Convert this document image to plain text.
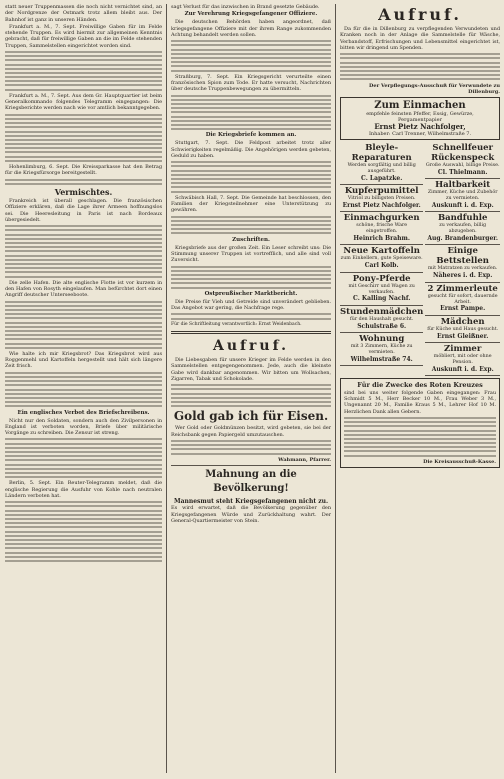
statt neuer Truppenmassen die noch nicht vernichtet sind, an der Nordgrenze der Ostmark trotz allem bleibt aus. Der Bahnhof ist ganz in unseren Händen.

Frankfurt a. M., 7. Sept. Freiwillige Gaben für im Felde stehende Truppen. Es wird hiermit zur allgemeinen Kenntnis gebracht, daß für freiwillige Gaben an die im Felde stehenden Truppen, Sammelstellen eingerichtet worden sind.

Frankfurt a. M., 7. Sept. Aus dem Gr. Hauptquartier ist beim Generalkommando folgendes Telegramm eingegangen: Die Kriegsberichte werden nach wie vor amtlich bekanntgegeben.

Hohenlimburg, 6. Sept. Die Kreissparkasse hat den Betrag für die Kriegsfürsorge bereitgestellt.

Vermischtes.

Frankreich ist überall geschlagen. Die französischen Offiziere erklären, daß die Lage ihrer Armeen hoffnungslos sei. Die Heeresleitung in Paris ist nach Bordeaux übergesiedelt.

Die zelle Hafen. Die alte englische Flotte ist vor kurzem in den Hafen von Rosyth eingelaufen. Man befürchtet dort einen Angriff deutscher Unterseeboote.

Wie halte ich mir Kriegsbrot? Das Kriegsbrot wird aus Roggenmehl und Kartoffeln hergestellt und hält sich längere Zeit frisch.

Ein englisches Verbot des Briefschreibens.

Nicht nur den Soldaten, sondern auch den Zivilpersonen in England ist verboten worden, Briefe über militärische Vorgänge zu schreiben. Die Zensur ist streng.

Berlin, 5. Sept. Ein Reuter-Telegramm meldet, daß die englische Regierung die Ausfuhr von Kohle nach neutralen Ländern verboten hat.

sagt Verlust für das inzwischen in Brand gesetzte Gebäude.

Zur Verehrung Kriegsgefangener Offiziere.

Die deutschen Behörden haben angeordnet, daß kriegsgefangene Offiziere mit der ihrem Range zukommenden Achtung behandelt werden sollen.

Straßburg, 7. Sept. Ein Kriegsgericht verurteilte einen französischen Spion zum Tode. Er hatte versucht, Nachrichten über deutsche Truppenbewegungen zu übermitteln.

Die Kriegsbriefe kommen an.

Stuttgart, 7. Sept. Die Feldpost arbeitet trotz aller Schwierigkeiten regelmäßig. Die Angehörigen werden gebeten, Geduld zu haben.

Schwäbisch Hall, 7. Sept. Die Gemeinde hat beschlossen, den Familien der Kriegsteilnehmer eine Unterstützung zu gewähren.

Zuschriften.

Kriegsbriefe aus der großen Zeit. Ein Leser schreibt uns: Die Stimmung unserer Truppen ist vortrefflich, und alle sind voll Zuversicht.

Ostpreußischer Marktbericht.

Die Preise für Vieh und Getreide sind unverändert geblieben. Das Angebot war gering, die Nachfrage rege.

Für die Schriftleitung verantwortlich: Ernst Weidenbach.

Aufruf.

Die Liebesgaben für unsere Krieger im Felde werden in den Sammelstellen entgegengenommen. Jede, auch die kleinste Gabe wird dankbar angenommen. Wir bitten um Wollsachen, Zigarren, Tabak und Schokolade.

Gold gab ich für Eisen.

Wer Gold oder Goldmünzen besitzt, wird gebeten, sie bei der Reichsbank gegen Papiergeld umzutauschen.

Wahmann, Pfarrer.
Mahnung an die Bevölkerung!
Mannesmut steht Kriegsgefangenen nicht zu.

Es wird erwartet, daß die Bevölkerung gegenüber den Kriegsgefangenen Würde und Zurückhaltung wahrt. Der General-Quartiermeister von Stein.

Aufruf.

Da für die in Dillenburg zu verpflegenden Verwundeten und Kranken noch in der Anlage die Sammelstelle für Wäsche, Verbandstoff, Erfrischungen und Lebensmittel eingerichtet ist, bitten wir dringend um Spenden.

Der Verpflegungs-Ausschuß für Verwundete zu Dillenburg.
Zum Einmachen
empfehle feinsten Pfeffer, Essig, Gewürze, Pergamentpapier
Ernst Pietz Nachfolger,
Inhaber: Carl Trenner, Wilhelmstraße 7.
Bleyle-Reparaturen
Werden sorgfältig und billig ausgeführt.
C. Lapatzke.
Kupferpumittel
Vitriol zu billigsten Preisen.
Ernst Pietz Nachfolger.
Einmachgurken
schöne, frische Ware eingetroffen.
Heinrich Brahm.
Neue Kartoffeln
zum Einkellern, gute Speiseware.
Carl Kolb.
Pony-Pferde
mit Geschirr und Wagen zu verkaufen.
C. Kalling Nachf.
Stundenmädchen
für den Haushalt gesucht.
Schulstraße 6.
Wohnung
mit 3 Zimmern, Küche zu vermieten.
Wilhelmstraße 74.
Schnellfeuer Rückenspeck
Große Auswahl, billige Preise.
Cl. Thielmann.
Haltbarkeit
Zimmer, Küche und Zubehör zu vermieten.
Auskunft i. d. Exp.
Bandfuhle
zu verkaufen, billig abzugeben.
Aug. Brandenburger.
Einige Bettstellen
mit Matratzen zu verkaufen.
Näheres i. d. Exp.
2 Zimmerleute
gesucht für sofort, dauernde Arbeit.
Ernst Pampe.
Mädchen
für Küche und Haus gesucht.
Ernst Gleißner.
Zimmer
möbliert, mit oder ohne Pension.
Auskunft i. d. Exp.
Für die Zwecke des Roten Kreuzes

sind bei uns weiter folgende Gaben eingegangen: Frau Schmidt 5 M., Herr Becker 10 M., Frau Weber 3 M., Ungenannt 20 M., Familie Kraus 5 M., Lehrer Hof 10 M. Herzlichen Dank allen Gebern.

Die Kreisausschuß-Kasse.
